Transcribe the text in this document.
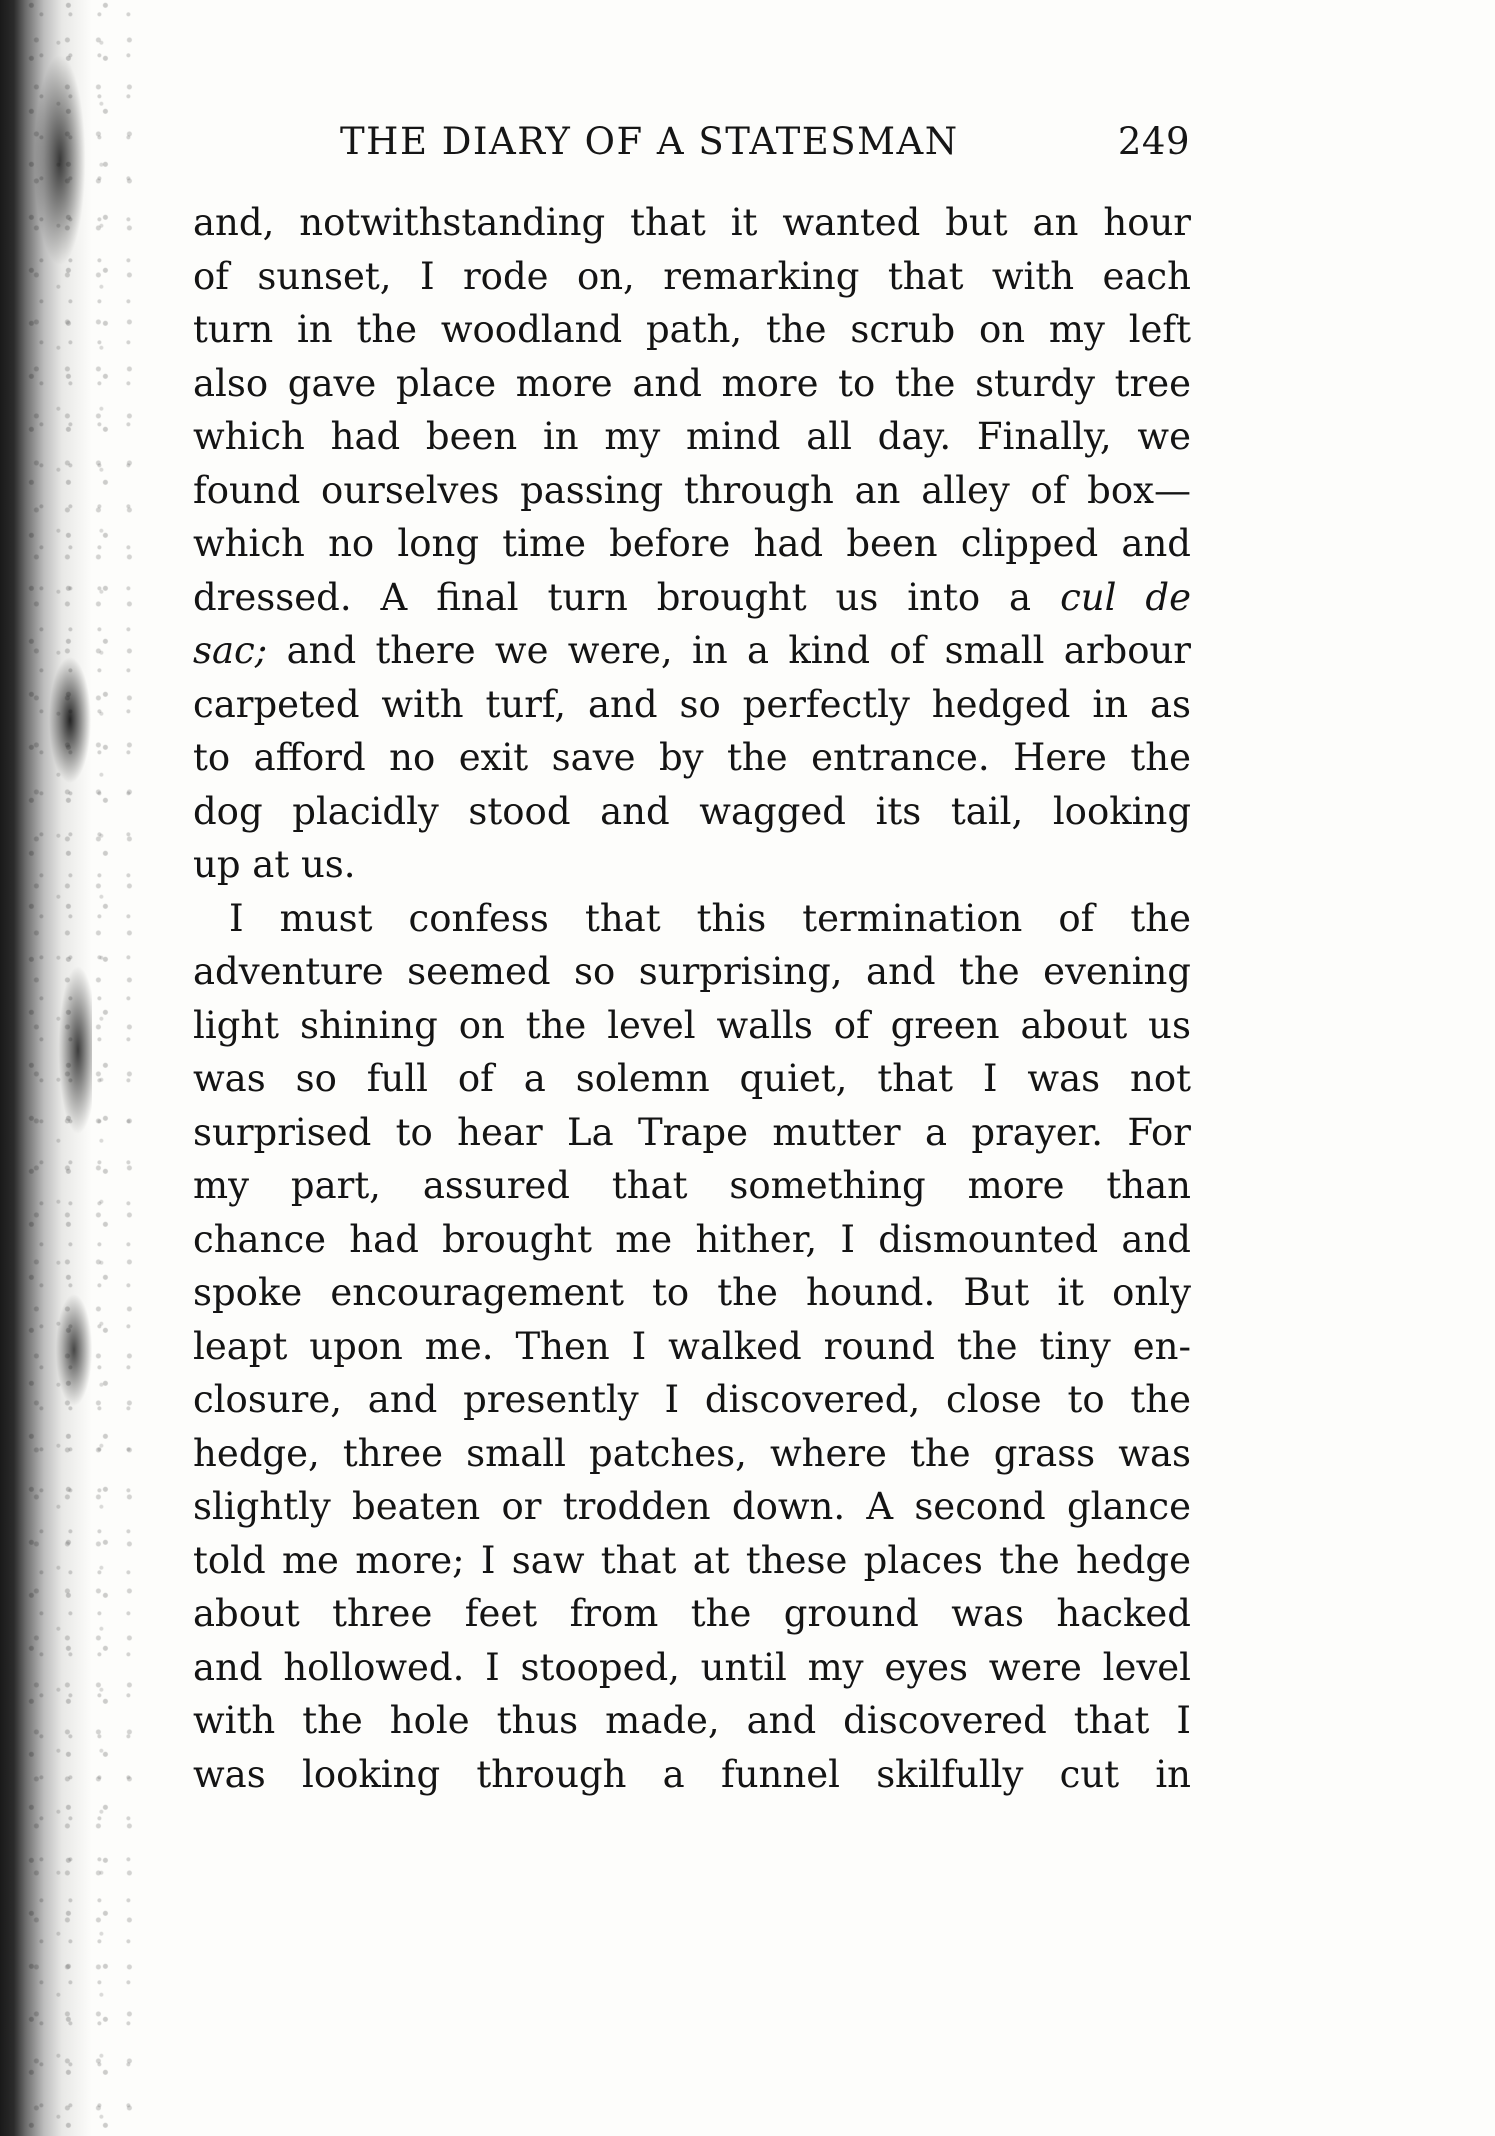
THE DIARY OF A STATESMAN	249
and, notwithstanding that it wanted but an hour
of sunset, I rode on, remarking that with each
turn in the woodland path, the scrub on my left
also gave place more and more to the sturdy tree
which had been in my mind all day. Finally, we
found ourselves passing through an alley of box—
which no long time before had been clipped and
dressed. A final turn brought us into a cul de
sac; and there we were, in a kind of small arbour
carpeted with turf, and so perfectly hedged in as
to afford no exit save by the entrance. Here the
dog placidly stood and wagged its tail, looking
up at us.
I must confess that this termination of the
adventure seemed so surprising, and the evening
light shining on the level walls of green about us
was so full of a solemn quiet, that I was not
surprised to hear La Trape mutter a prayer. For
my part, assured that something more than
chance had brought me hither, I dismounted and
spoke encouragement to the hound. But it only
leapt upon me. Then I walked round the tiny en-
closure, and presently I discovered, close to the
hedge, three small patches, where the grass was
slightly beaten or trodden down. A second glance
told me more; I saw that at these places the hedge
about three feet from the ground was hacked
and hollowed. I stooped, until my eyes were level
with the hole thus made, and discovered that I
was looking through a funnel skilfully cut in
